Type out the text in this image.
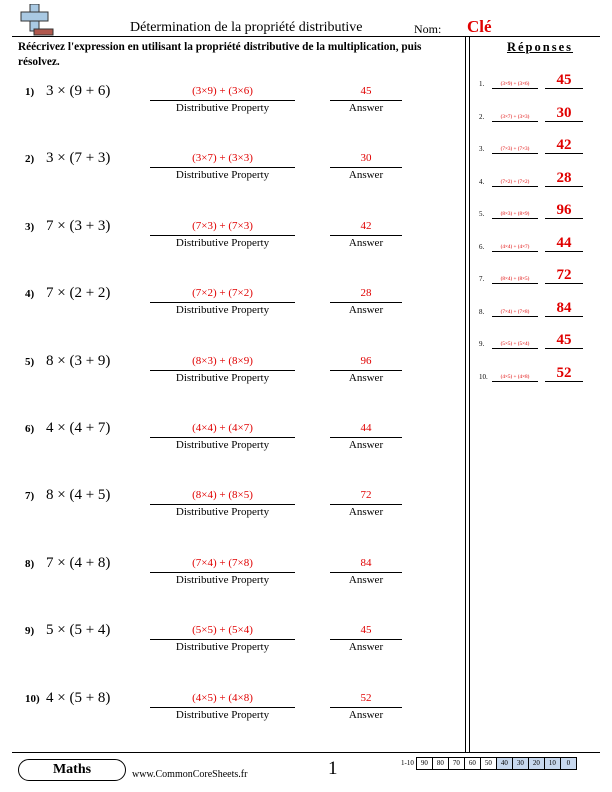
Détermination de la propriété distributive	Nom: Clé
Réécrivez l'expression en utilisant la propriété distributive de la multiplication, puis résolvez.
1) 3 × (9 + 6)	(3×9) + (3×6)
Distributive Property
45
Answer
2) 3 × (7 + 3)	(3×7) + (3×3)
Distributive Property
30
Answer
3) 7 × (3 + 3)	(7×3) + (7×3)
Distributive Property
42
Answer
4) 7 × (2 + 2)	(7×2) + (7×2)
Distributive Property
28
Answer
5) 8 × (3 + 9)	(8×3) + (8×9)
Distributive Property
96
Answer
6) 4 × (4 + 7)	(4×4) + (4×7)
Distributive Property
44
Answer
7) 8 × (4 + 5)	(8×4) + (8×5)
Distributive Property
72
Answer
8) 7 × (4 + 8)	(7×4) + (7×8)
Distributive Property
84
Answer
9) 5 × (5 + 4)	(5×5) + (5×4)
Distributive Property
45
Answer
10) 4 × (5 + 8)	(4×5) + (4×8)
Distributive Property
52
Answer
Réponses
1.	(3×9) + (3×6)	45
2.	(3×7) + (3×3)	30
3.	(7×3) + (7×3)	42
4.	(7×2) + (7×2)	28
5.	(8×3) + (8×9)	96
6.	(4×4) + (4×7)	44
7.	(8×4) + (8×5)	72
8.	(7×4) + (7×8)	84
9.	(5×5) + (5×4)	45
10.	(4×5) + (4×8)	52
Maths	www.CommonCoreSheets.fr	1	1-10	90	80	70	60	50	40	30	20	10	0
